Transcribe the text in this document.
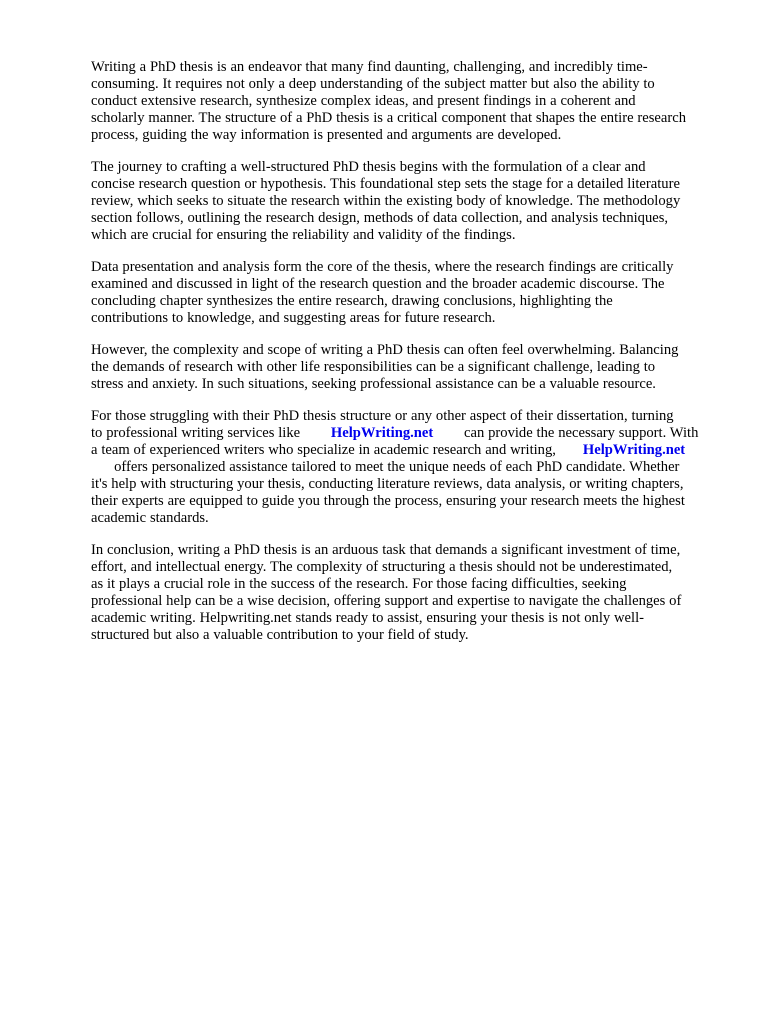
Writing a PhD thesis is an endeavor that many find daunting, challenging, and incredibly time-
consuming. It requires not only a deep understanding of the subject matter but also the ability to
conduct extensive research, synthesize complex ideas, and present findings in a coherent and
scholarly manner. The structure of a PhD thesis is a critical component that shapes the entire research
process, guiding the way information is presented and arguments are developed.

The journey to crafting a well-structured PhD thesis begins with the formulation of a clear and
concise research question or hypothesis. This foundational step sets the stage for a detailed literature
review, which seeks to situate the research within the existing body of knowledge. The methodology
section follows, outlining the research design, methods of data collection, and analysis techniques,
which are crucial for ensuring the reliability and validity of the findings.

Data presentation and analysis form the core of the thesis, where the research findings are critically
examined and discussed in light of the research question and the broader academic discourse. The
concluding chapter synthesizes the entire research, drawing conclusions, highlighting the
contributions to knowledge, and suggesting areas for future research.

However, the complexity and scope of writing a PhD thesis can often feel overwhelming. Balancing
the demands of research with other life responsibilities can be a significant challenge, leading to
stress and anxiety. In such situations, seeking professional assistance can be a valuable resource.

For those struggling with their PhD thesis structure or any other aspect of their dissertation, turning
to professional writing services like        HelpWriting.net        can provide the necessary support. With
a team of experienced writers who specialize in academic research and writing,       HelpWriting.net
offers personalized assistance tailored to meet the unique needs of each PhD candidate. Whether
it's help with structuring your thesis, conducting literature reviews, data analysis, or writing chapters,
their experts are equipped to guide you through the process, ensuring your research meets the highest
academic standards.

In conclusion, writing a PhD thesis is an arduous task that demands a significant investment of time,
effort, and intellectual energy. The complexity of structuring a thesis should not be underestimated,
as it plays a crucial role in the success of the research. For those facing difficulties, seeking
professional help can be a wise decision, offering support and expertise to navigate the challenges of
academic writing. Helpwriting.net stands ready to assist, ensuring your thesis is not only well-
structured but also a valuable contribution to your field of study.
